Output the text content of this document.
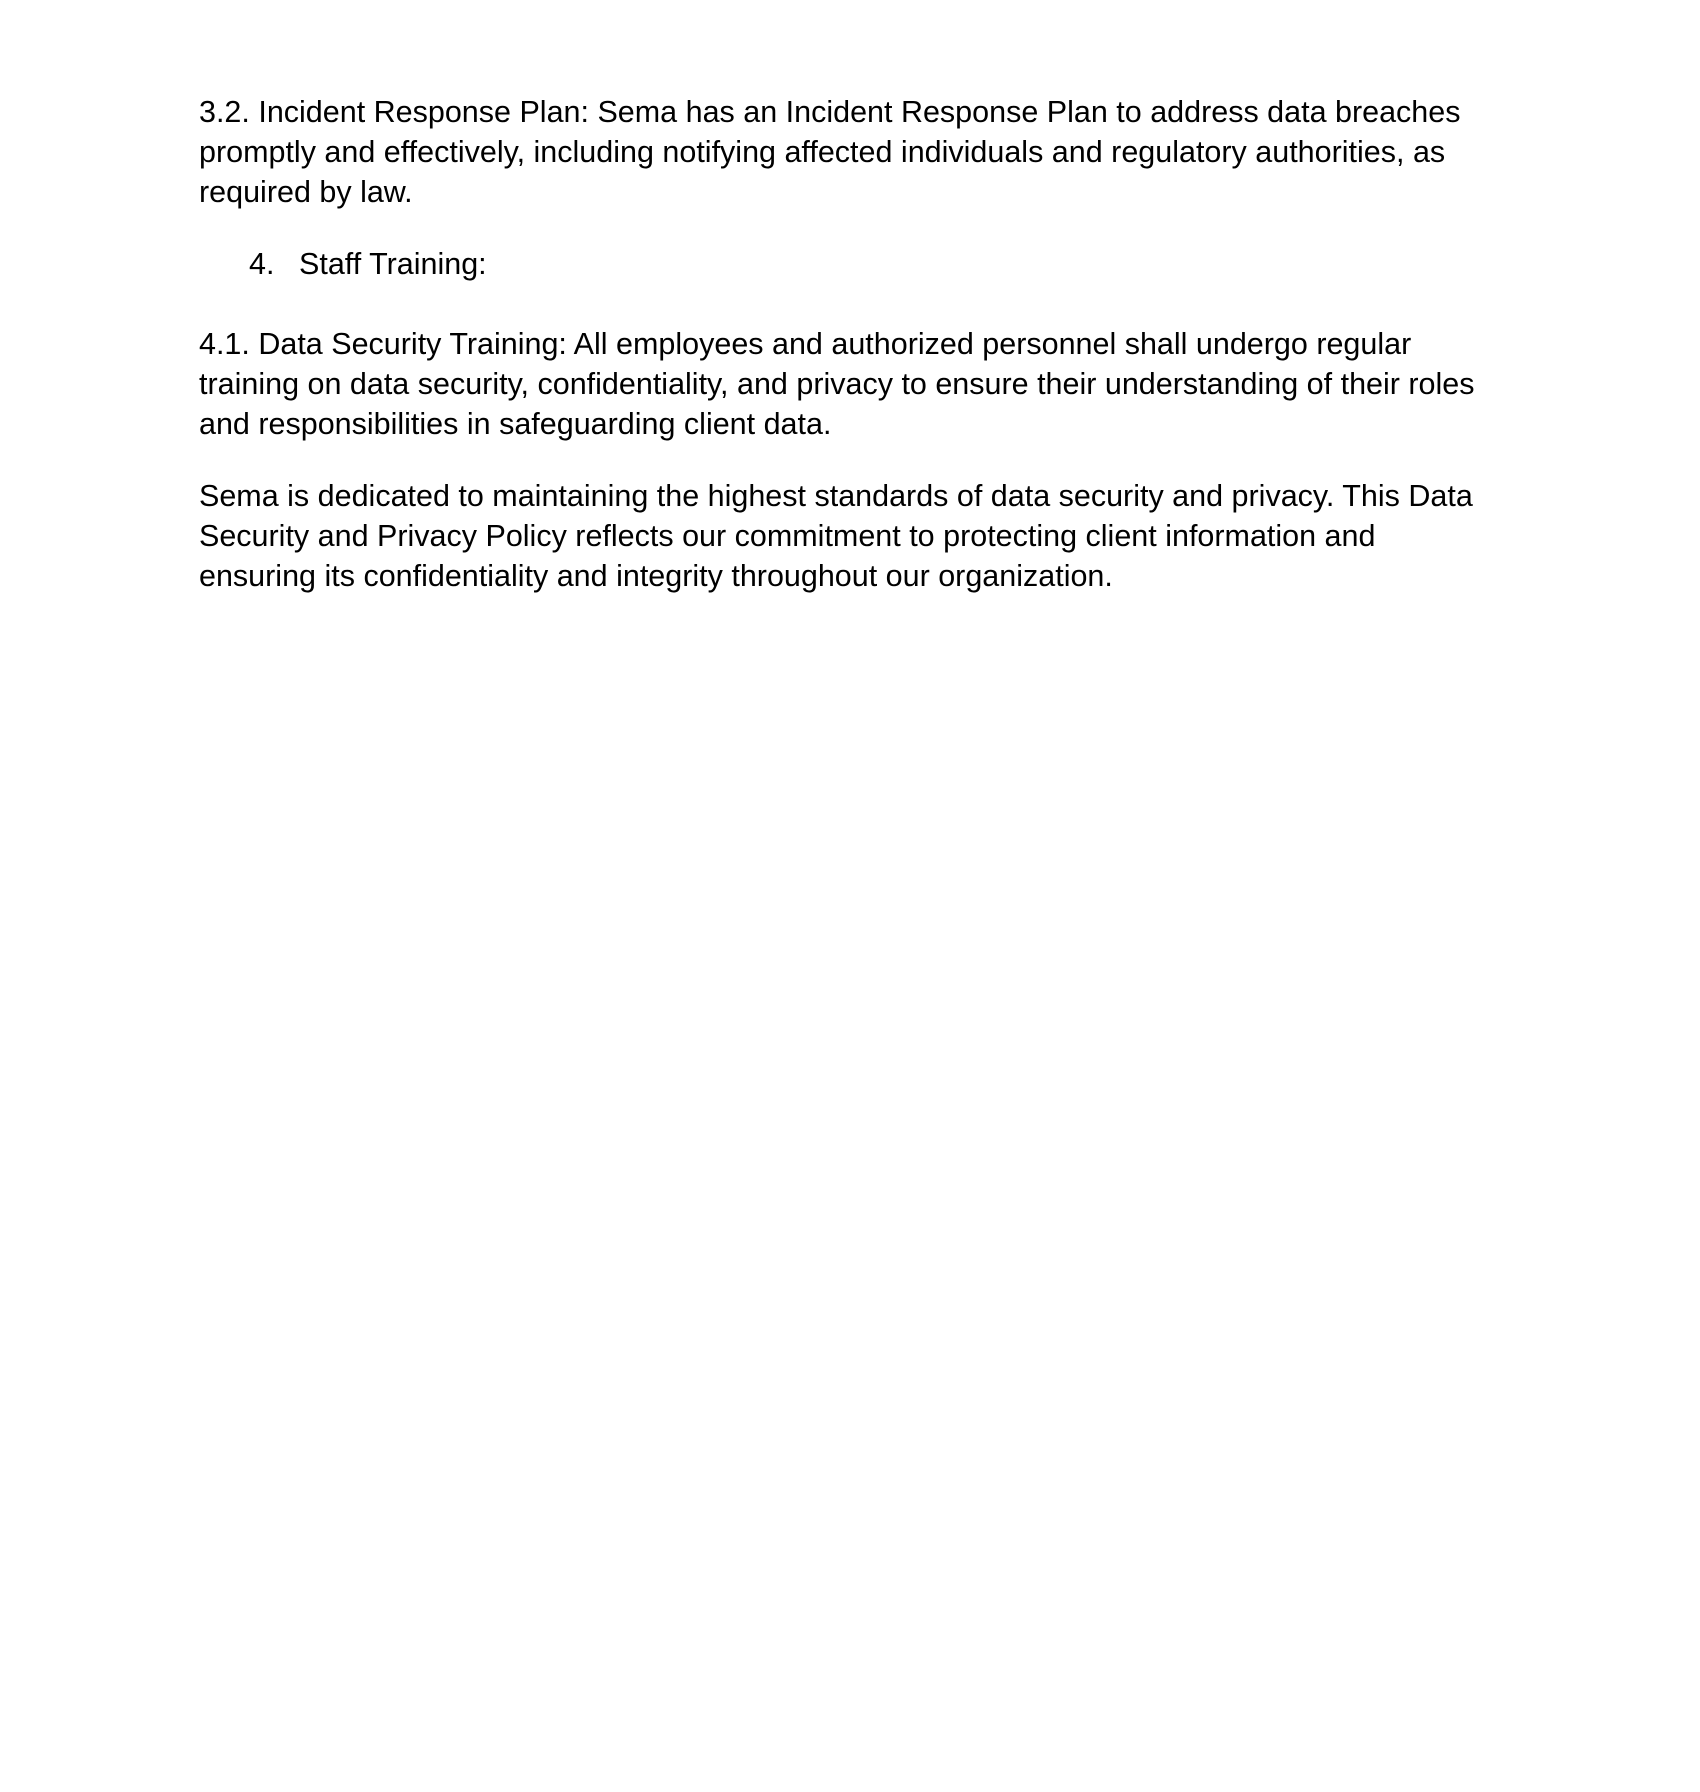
3.2. Incident Response Plan: Sema has an Incident Response Plan to address data breaches
promptly and effectively, including notifying affected individuals and regulatory authorities, as
required by law.

4. Staff Training:

4.1. Data Security Training: All employees and authorized personnel shall undergo regular
training on data security, confidentiality, and privacy to ensure their understanding of their roles
and responsibilities in safeguarding client data.

Sema is dedicated to maintaining the highest standards of data security and privacy. This Data
Security and Privacy Policy reflects our commitment to protecting client information and
ensuring its confidentiality and integrity throughout our organization.
